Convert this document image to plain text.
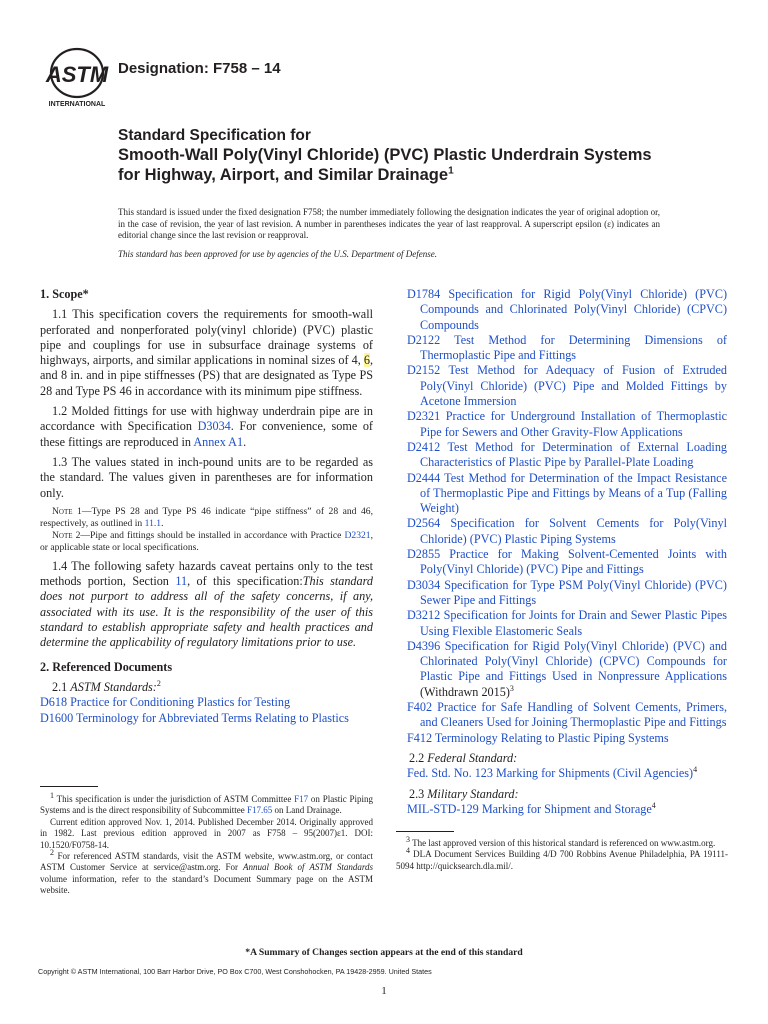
ASTM
INTERNATIONAL
Designation: F758 – 14
Standard Specification for
Smooth-Wall Poly(Vinyl Chloride) (PVC) Plastic Underdrain Systems for Highway, Airport, and Similar Drainage$^1$
This standard is issued under the fixed designation F758; the number immediately following the designation indicates the year of original adoption or, in the case of revision, the year of last revision. A number in parentheses indicates the year of last reapproval. A superscript epsilon (ε) indicates an editorial change since the last revision or reapproval.
This standard has been approved for use by agencies of the U.S. Department of Defense.

1. Scope*

1.1 This specification covers the requirements for smooth-wall perforated and nonperforated poly(vinyl chloride) (PVC) plastic pipe and couplings for use in subsurface drainage systems of highways, airports, and similar applications in nominal sizes of 4, 6, and 8 in. and in pipe stiffnesses (PS) that are designated as Type PS 28 and Type PS 46 in accordance with its minimum pipe stiffness.

1.2 Molded fittings for use with highway underdrain pipe are in accordance with Specification D3034. For convenience, some of these fittings are reproduced in Annex A1.

1.3 The values stated in inch-pound units are to be regarded as the standard. The values given in parentheses are for information only.

Note 1—Type PS 28 and Type PS 46 indicate “pipe stiffness” of 28 and 46, respectively, as outlined in 11.1.

Note 2—Pipe and fittings should be installed in accordance with Practice D2321, or applicable state or local specifications.

1.4 The following safety hazards caveat pertains only to the test methods portion, Section 11, of this specification:This standard does not purport to address all of the safety concerns, if any, associated with its use. It is the responsibility of the user of this standard to establish appropriate safety and health practices and determine the applicability of regulatory limitations prior to use.

2. Referenced Documents

2.1 ASTM Standards:$^2$

D618 Practice for Conditioning Plastics for Testing

D1600 Terminology for Abbreviated Terms Relating to Plastics

$^1$ This specification is under the jurisdiction of ASTM Committee F17 on Plastic Piping Systems and is the direct responsibility of Subcommittee F17.65 on Land Drainage.

Current edition approved Nov. 1, 2014. Published December 2014. Originally approved in 1982. Last previous edition approved in 2007 as F758 – 95(2007)ε1. DOI: 10.1520/F0758-14.

$^2$ For referenced ASTM standards, visit the ASTM website, www.astm.org, or contact ASTM Customer Service at service@astm.org. For Annual Book of ASTM Standards volume information, refer to the standard’s Document Summary page on the ASTM website.

D1784 Specification for Rigid Poly(Vinyl Chloride) (PVC) Compounds and Chlorinated Poly(Vinyl Chloride) (CPVC) Compounds

D2122 Test Method for Determining Dimensions of Thermoplastic Pipe and Fittings

D2152 Test Method for Adequacy of Fusion of Extruded Poly(Vinyl Chloride) (PVC) Pipe and Molded Fittings by Acetone Immersion

D2321 Practice for Underground Installation of Thermoplastic Pipe for Sewers and Other Gravity-Flow Applications

D2412 Test Method for Determination of External Loading Characteristics of Plastic Pipe by Parallel-Plate Loading

D2444 Test Method for Determination of the Impact Resistance of Thermoplastic Pipe and Fittings by Means of a Tup (Falling Weight)

D2564 Specification for Solvent Cements for Poly(Vinyl Chloride) (PVC) Plastic Piping Systems

D2855 Practice for Making Solvent-Cemented Joints with Poly(Vinyl Chloride) (PVC) Pipe and Fittings

D3034 Specification for Type PSM Poly(Vinyl Chloride) (PVC) Sewer Pipe and Fittings

D3212 Specification for Joints for Drain and Sewer Plastic Pipes Using Flexible Elastomeric Seals

D4396 Specification for Rigid Poly(Vinyl Chloride) (PVC) and Chlorinated Poly(Vinyl Chloride) (CPVC) Compounds for Plastic Pipe and Fittings Used in Nonpressure Applications (Withdrawn 2015)$^3$

F402 Practice for Safe Handling of Solvent Cements, Primers, and Cleaners Used for Joining Thermoplastic Pipe and Fittings

F412 Terminology Relating to Plastic Piping Systems

2.2 Federal Standard:

Fed. Std. No. 123 Marking for Shipments (Civil Agencies)$^4$

2.3 Military Standard:

MIL-STD-129 Marking for Shipment and Storage$^4$

$^3$ The last approved version of this historical standard is referenced on www.astm.org.

$^4$ DLA Document Services Building 4/D 700 Robbins Avenue Philadelphia, PA 19111-5094 http://quicksearch.dla.mil/.

*A Summary of Changes section appears at the end of this standard
Copyright © ASTM International, 100 Barr Harbor Drive, PO Box C700, West Conshohocken, PA 19428-2959. United States
1
